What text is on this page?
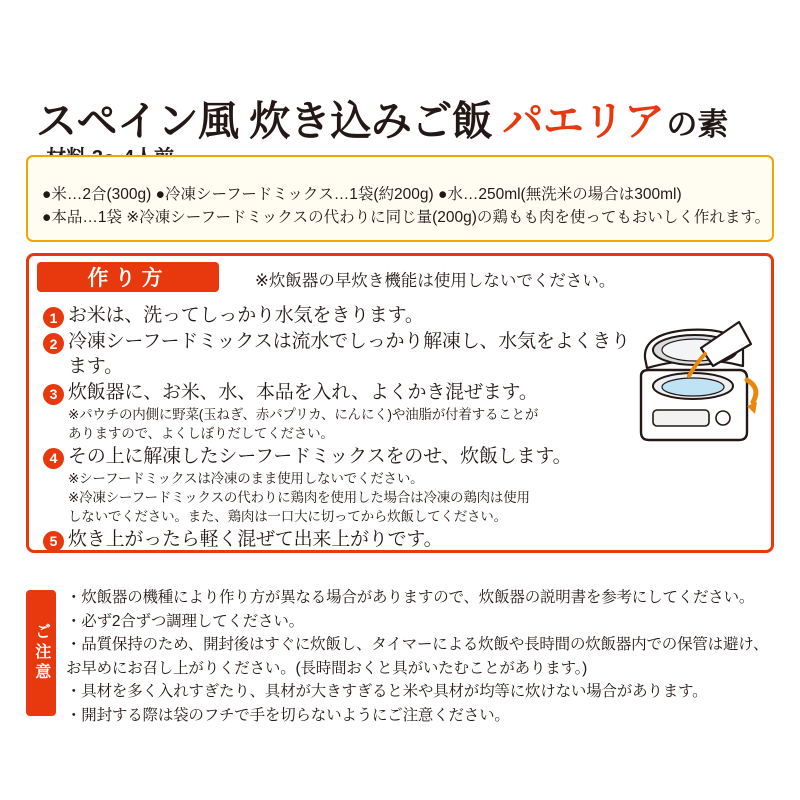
スペイン風 炊き込みご飯 パエリア の素
●米…2合(300g) ●冷凍シーフードミックス…1袋(約200g) ●水…250ml(無洗米の場合は300ml)
●本品…1袋 ※冷凍シーフードミックスの代わりに同じ量(200g)の鶏もも肉を使ってもおいしく作れます。
作り方	※炊飯器の早炊き機能は使用しないでください。
1 お米は、洗ってしっかり水気をきります。
2 冷凍シーフードミックスは流水でしっかり解凍し、水気をよくきります。
3 炊飯器に、お米、水、本品を入れ、よくかき混ぜます。
※パウチの内側に野菜(玉ねぎ、赤パプリカ、にんにく)や油脂が付着することが
ありますので、よくしぼりだしてください。
4 その上に解凍したシーフードミックスをのせ、炊飯します。
※シーフードミックスは冷凍のまま使用しないでください。
※冷凍シーフードミックスの代わりに鶏肉を使用した場合は冷凍の鶏肉は使用
しないでください。また、鶏肉は一口大に切ってから炊飯してください。
5 炊き上がったら軽く混ぜて出来上がりです。
ご注意
・炊飯器の機種により作り方が異なる場合がありますので、炊飯器の説明書を参考にしてください。
・必ず2合ずつ調理してください。
・品質保持のため、開封後はすぐに炊飯し、タイマーによる炊飯や長時間の炊飯器内での保管は避け、
お早めにお召し上がりください。(長時間おくと具がいたむことがあります。)
・具材を多く入れすぎたり、具材が大きすぎると米や具材が均等に炊けない場合があります。
・開封する際は袋のフチで手を切らないようにご注意ください。
